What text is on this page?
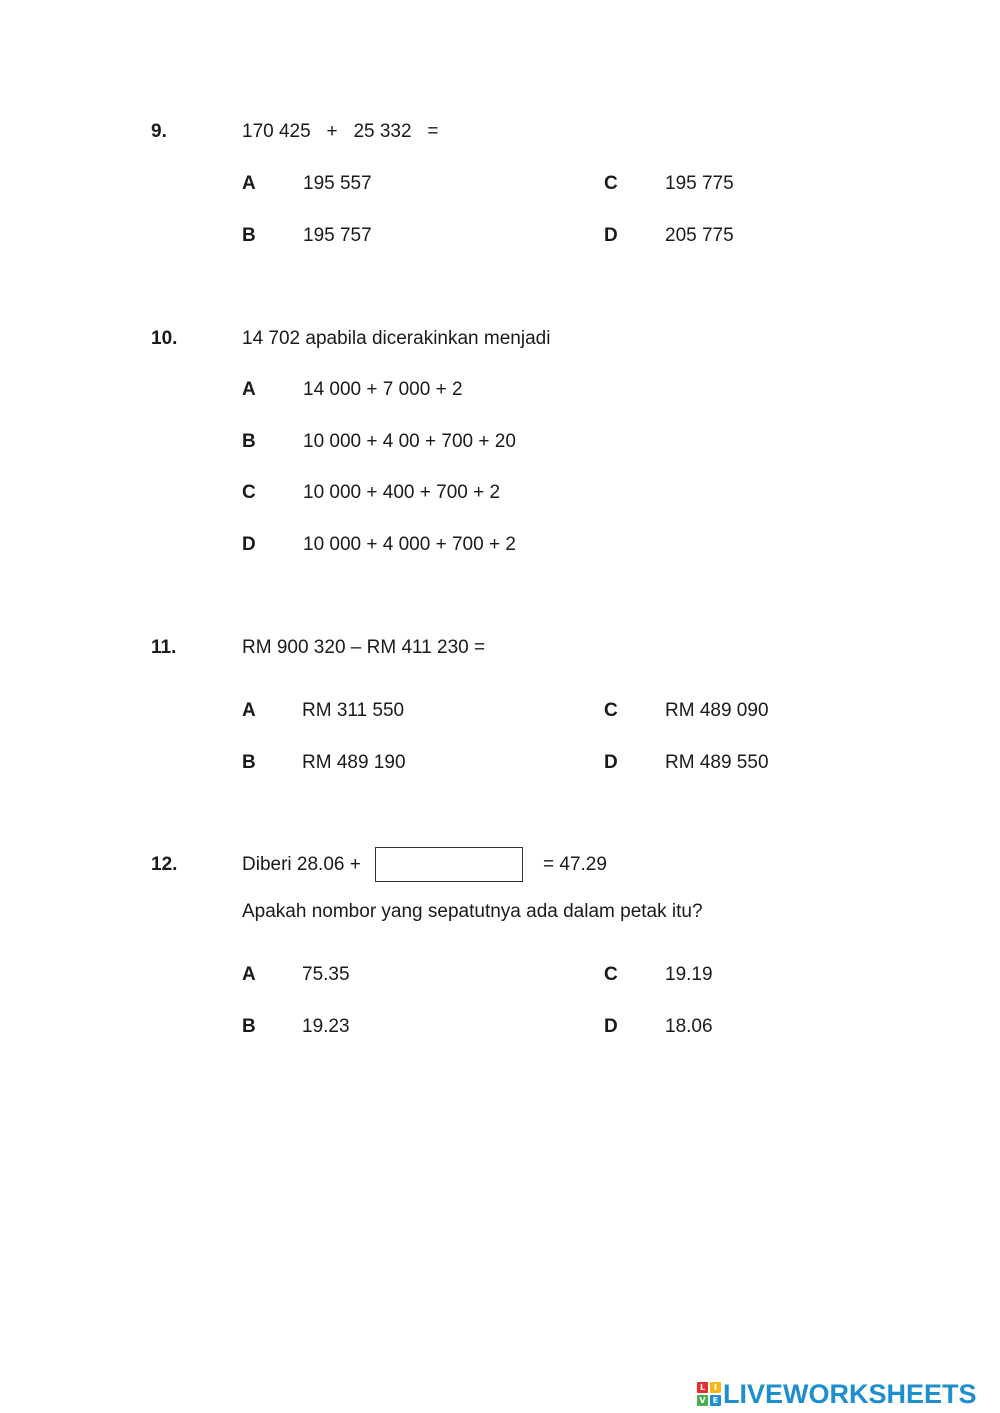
9.	170 425   +   25 332   =
A 195 557
B 195 757
C 195 775
D 205 775
10.	14 702 apabila dicerakinkan menjadi
A 14 000 + 7 000 + 2
B 10 000 + 4 00 + 700 + 20
C 10 000 + 400 + 700 + 2
D 10 000 + 4 000 + 700 + 2
11.	RM 900 320 – RM 411 230 =
A RM 311 550
B RM 489 190
C RM 489 090
D RM 489 550
12.	Diberi 28.06 +	= 47.29
Apakah nombor yang sepatutnya ada dalam petak itu?
A 75.35
B 19.23
C 19.19
D 18.06
L	I
V E LIVEWORKSHEETS
